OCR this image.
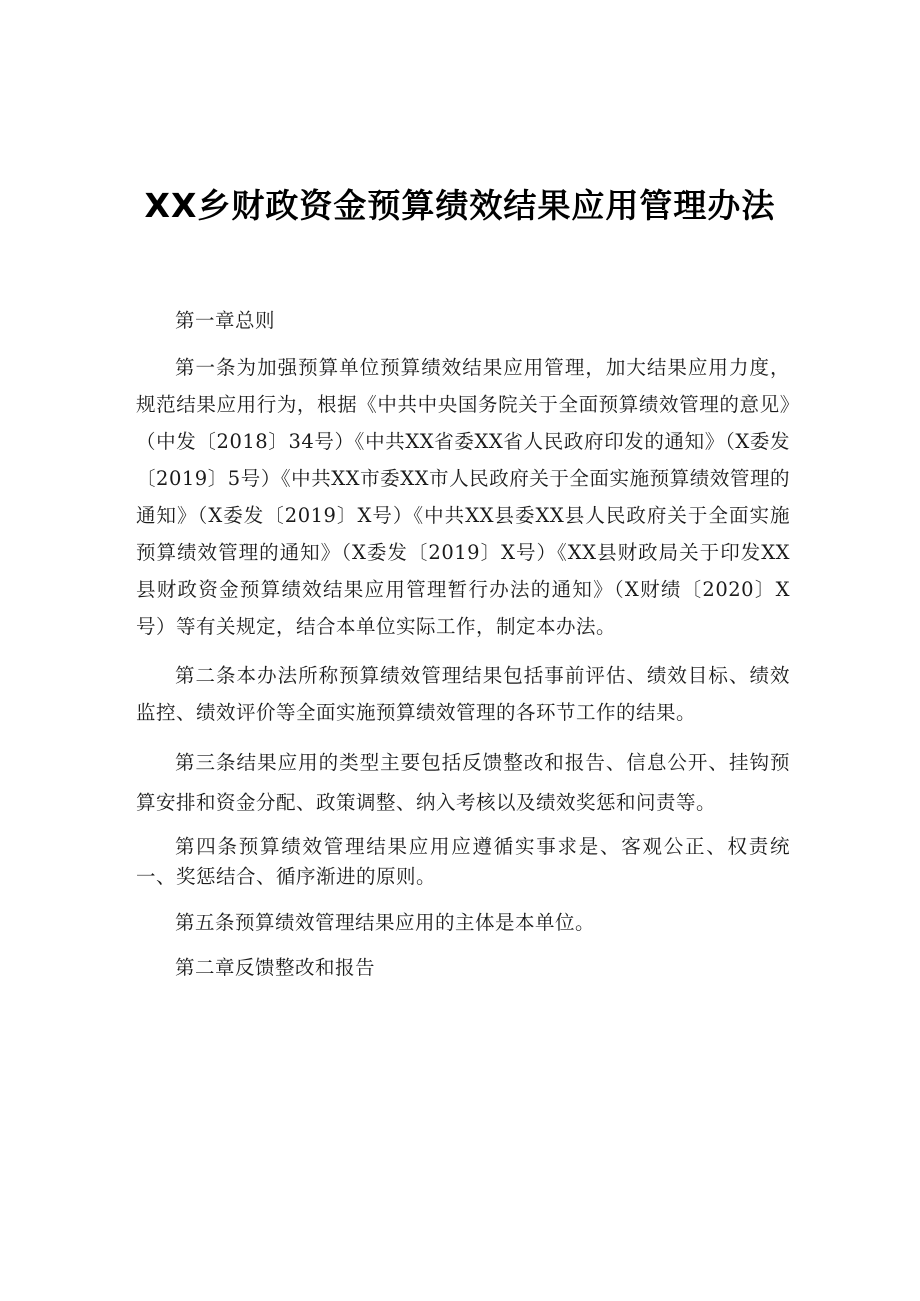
XX乡财政资金预算绩效结果应用管理办法

第一章总则

第一条为加强预算单位预算绩效结果应用管理，加大结果应用力度，规范结果应用行为，根据《中共中央国务院关于全面预算绩效管理的意见》（中发〔2018〕34号）《中共XX省委XX省人民政府印发的通知》（X委发〔2019〕5号）《中共XX市委XX市人民政府关于全面实施预算绩效管理的通知》（X委发〔2019〕X号）《中共XX县委XX县人民政府关于全面实施预算绩效管理的通知》（X委发〔2019〕X号）《XX县财政局关于印发XX县财政资金预算绩效结果应用管理暂行办法的通知》（X财绩〔2020〕X号）等有关规定，结合本单位实际工作，制定本办法。

第二条本办法所称预算绩效管理结果包括事前评估、绩效目标、绩效监控、绩效评价等全面实施预算绩效管理的各环节工作的结果。

第三条结果应用的类型主要包括反馈整改和报告、信息公开、挂钩预算安排和资金分配、政策调整、纳入考核以及绩效奖惩和问责等。

第四条预算绩效管理结果应用应遵循实事求是、客观公正、权责统一、奖惩结合、循序渐进的原则。

第五条预算绩效管理结果应用的主体是本单位。

第二章反馈整改和报告
